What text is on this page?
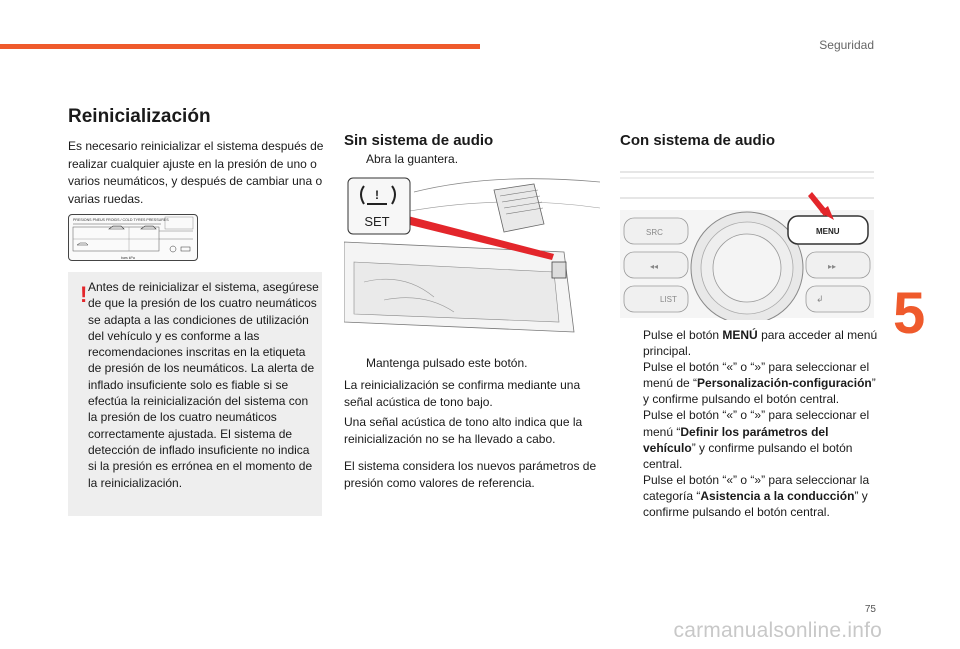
Seguridad
5
Reinicialización

Es necesario reinicializar el sistema después de realizar cualquier ajuste en la presión de uno o varios neumáticos, y después de cambiar una o varias ruedas.

PRESIONS PNEUS FROIDS / COLD TYRES PRESSURES
bars kPa
! Antes de reinicializar el sistema, asegúrese de que la presión de los cuatro neumáticos se adapta a las condiciones de utilización del vehículo y es conforme a las recomendaciones inscritas en la etiqueta de presión de los neumáticos. La alerta de inflado insuficiente solo es fiable si se efectúa la reinicialización del sistema con la presión de los cuatro neumáticos correctamente ajustada. El sistema de detección de inflado insuficiente no indica si la presión es errónea en el momento de la reinicialización.

Sin sistema de audio
Abra la guantera.
!
SET
Mantenga pulsado este botón.

La reinicialización se confirma mediante una señal acústica de tono bajo.

Una señal acústica de tono alto indica que la reinicialización no se ha llevado a cabo.

El sistema considera los nuevos parámetros de presión como valores de referencia.

Con sistema de audio
SRC
◂◂
LIST
MENU
▸▸
↲
Pulse el botón MENÚ para acceder al menú principal.
Pulse el botón “«” o “»” para seleccionar el menú de “Personalización-configuración” y confirme pulsando el botón central.
Pulse el botón “«” o “»” para seleccionar el menú “Definir los parámetros del vehículo” y confirme pulsando el botón central.
Pulse el botón “«” o “»” para seleccionar la categoría “Asistencia a la conducción” y confirme pulsando el botón central.
75
carmanualsonline.info
